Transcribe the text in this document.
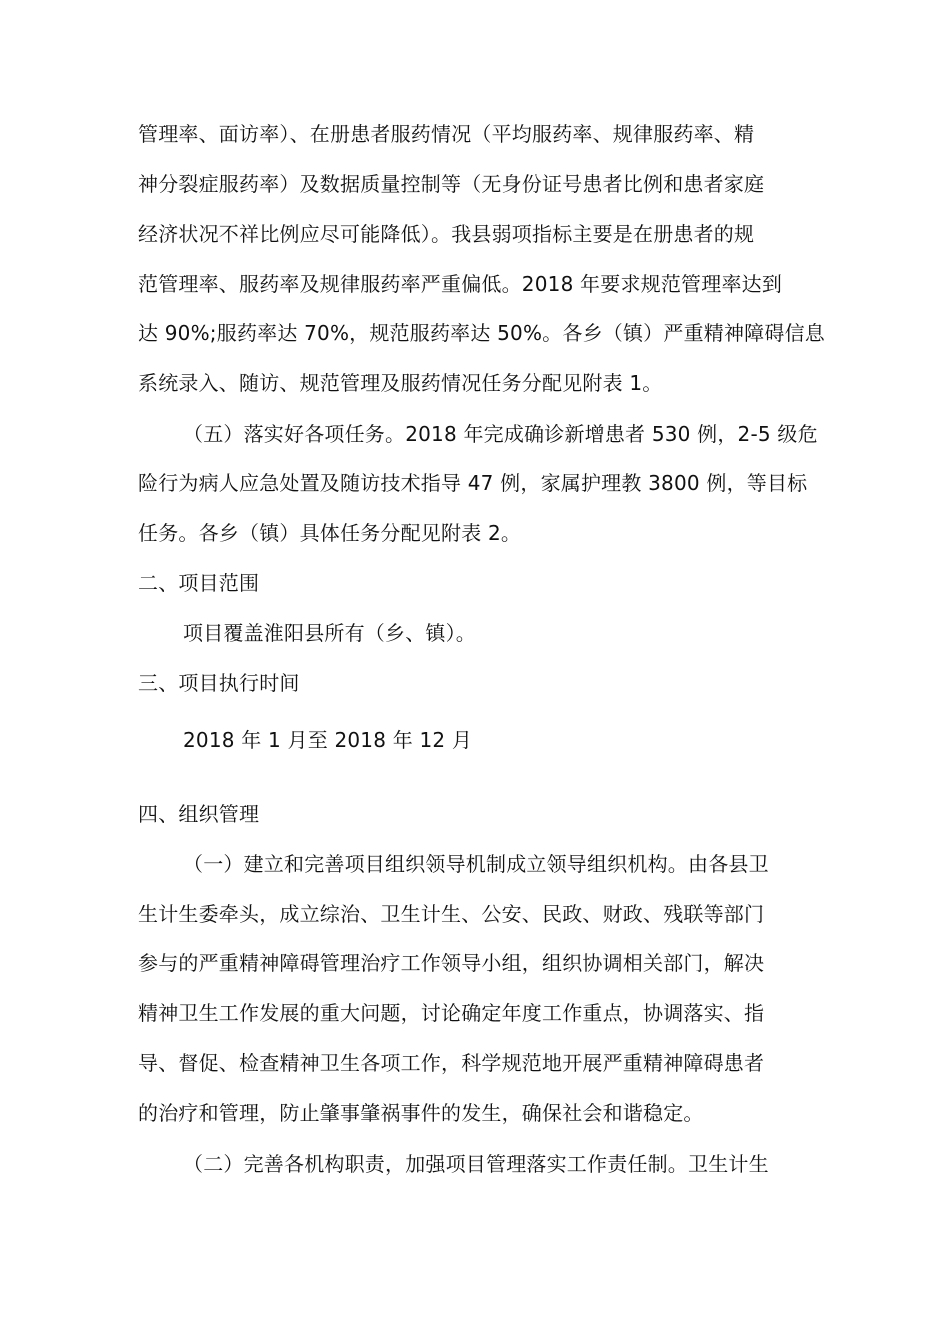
管理率、面访率）、在册患者服药情况（平均服药率、规律服药率、精
神分裂症服药率）及数据质量控制等（无身份证号患者比例和患者家庭
经济状况不祥比例应尽可能降低）。我县弱项指标主要是在册患者的规
范管理率、服药率及规律服药率严重偏低。2018 年要求规范管理率达到
达 90%;服药率达 70%，规范服药率达 50%。各乡（镇）严重精神障碍信息
系统录入、随访、规范管理及服药情况任务分配见附表 1。
（五）落实好各项任务。2018 年完成确诊新增患者 530 例，2-5 级危
险行为病人应急处置及随访技术指导 47 例，家属护理教 3800 例，等目标
任务。各乡（镇）具体任务分配见附表 2。
二、项目范围
项目覆盖淮阳县所有（乡、镇）。
三、项目执行时间
2018 年 1 月至 2018 年 12 月
四、组织管理
（一）建立和完善项目组织领导机制成立领导组织机构。由各县卫
生计生委牵头，成立综治、卫生计生、公安、民政、财政、残联等部门
参与的严重精神障碍管理治疗工作领导小组，组织协调相关部门，解决
精神卫生工作发展的重大问题，讨论确定年度工作重点，协调落实、指
导、督促、检查精神卫生各项工作，科学规范地开展严重精神障碍患者
的治疗和管理，防止肇事肇祸事件的发生，确保社会和谐稳定。
（二）完善各机构职责，加强项目管理落实工作责任制。卫生计生
